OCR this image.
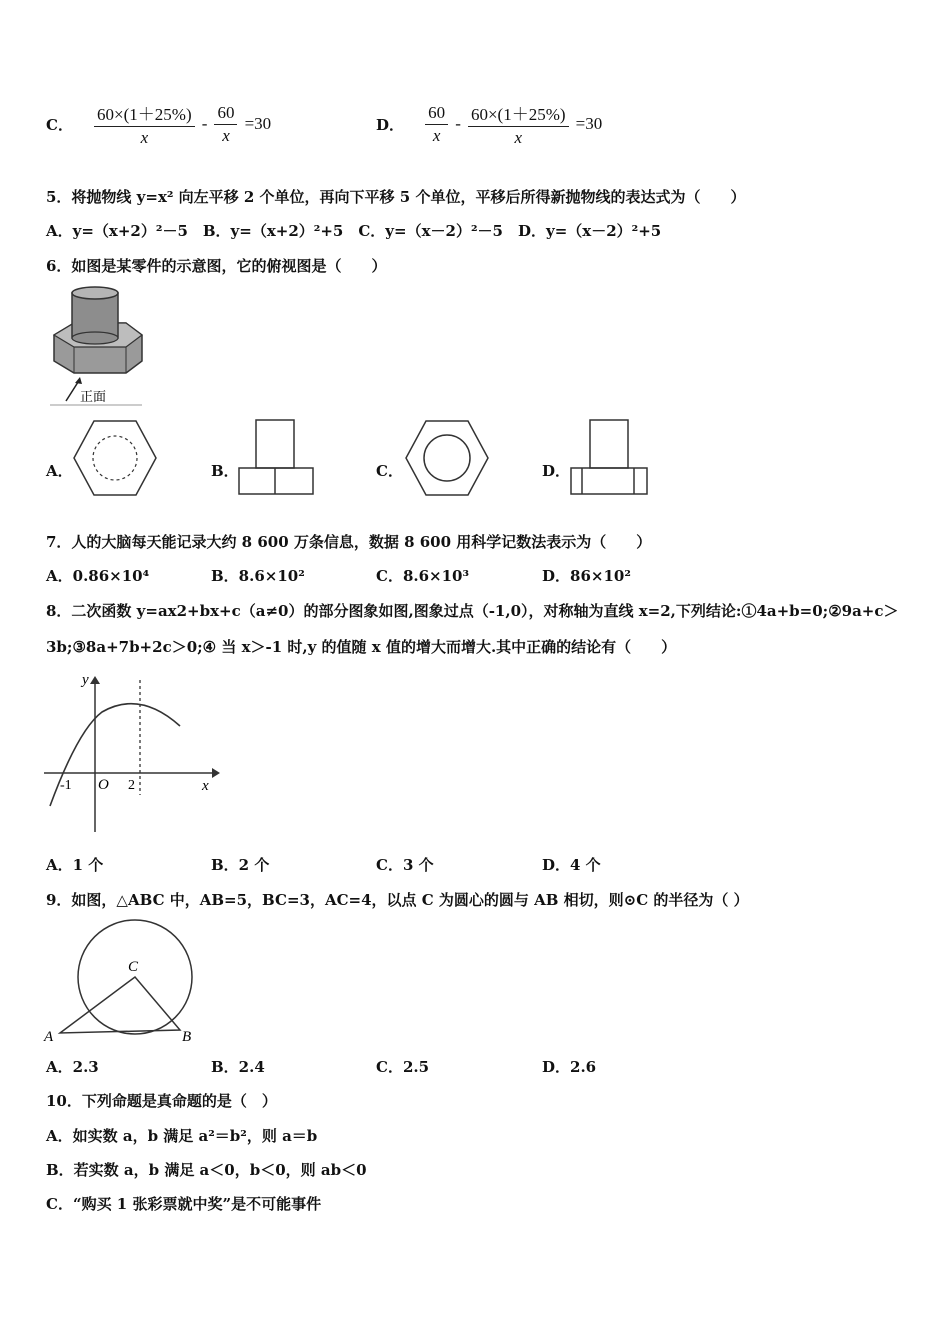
C． $\frac{60\times(1+25\%)}{x} - \frac{60}{x} =30$	D． $\frac{60}{x} - \frac{60\times(1+25\%)}{x} =30$
5．将抛物线 y=x² 向左平移 2 个单位，再向下平移 5 个单位，平移后所得新抛物线的表达式为（　　）
A．y=（x+2）²－5　B．y=（x+2）²+5　C．y=（x－2）²－5　D．y=（x－2）²+5
6．如图是某零件的示意图，它的俯视图是（　　）
正面
A．	B．	C．	D．
7．人的大脑每天能记录大约 8 600 万条信息，数据 8 600 用科学记数法表示为（　　）
A．0.86×10⁴	B．8.6×10²	C．8.6×10³	D．86×10²
8．二次函数 y=ax2+bx+c（a≠0）的部分图象如图,图象过点（-1,0），对称轴为直线 x=2,下列结论:①4a+b=0;②9a+c＞
3b;③8a+7b+2c＞0;④ 当 x＞-1 时,y 的值随 x 值的增大而增大.其中正确的结论有（　　）
y
x
O
-1	2
A．1 个	B．2 个	C．3 个	D．4 个
9．如图，△ABC 中，AB=5，BC=3，AC=4，以点 C 为圆心的圆与 AB 相切，则⊙C 的半径为（ ）
C
A	B
A．2.3	B．2.4	C．2.5	D．2.6
10．下列命题是真命题的是（　）
A．如实数 a，b 满足 a²＝b²，则 a＝b
B．若实数 a，b 满足 a＜0，b＜0，则 ab＜0
C．“购买 1 张彩票就中奖”是不可能事件
